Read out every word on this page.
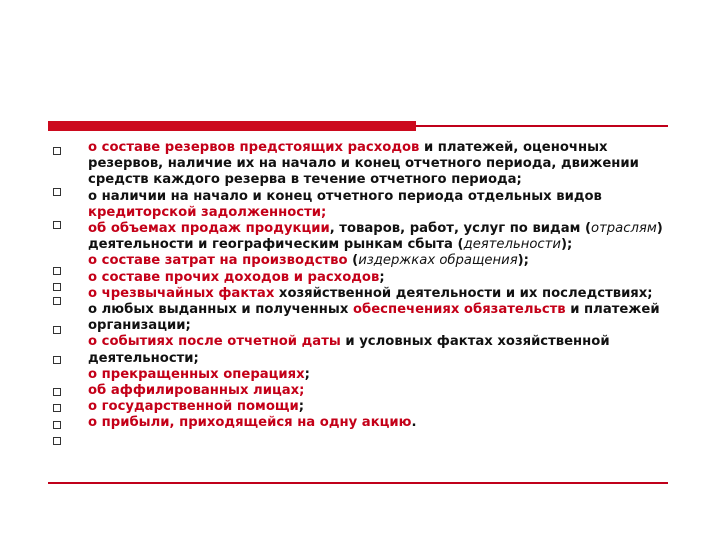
о составе резервов предстоящих расходов и платежей, оценочных резервов, наличие их на начало и конец отчетного периода, движении средств каждого резерва в течение отчетного периода;

о наличии на начало и конец отчетного периода отдельных видов кредиторской задолженности;

об объемах продаж продукции, товаров, работ, услуг по видам (отраслям) деятельности и географическим рынкам сбыта (деятельности);

о составе затрат на производство (издержках обращения);

о составе прочих доходов и расходов;

о чрезвычайных фактах хозяйственной деятельности и их последствиях;

о любых выданных и полученных обеспечениях обязательств и платежей организации;

о событиях после отчетной даты и условных фактах хозяйственной деятельности;

о прекращенных операциях;

об аффилированных лицах;

о государственной помощи;

о прибыли, приходящейся на одну акцию.
